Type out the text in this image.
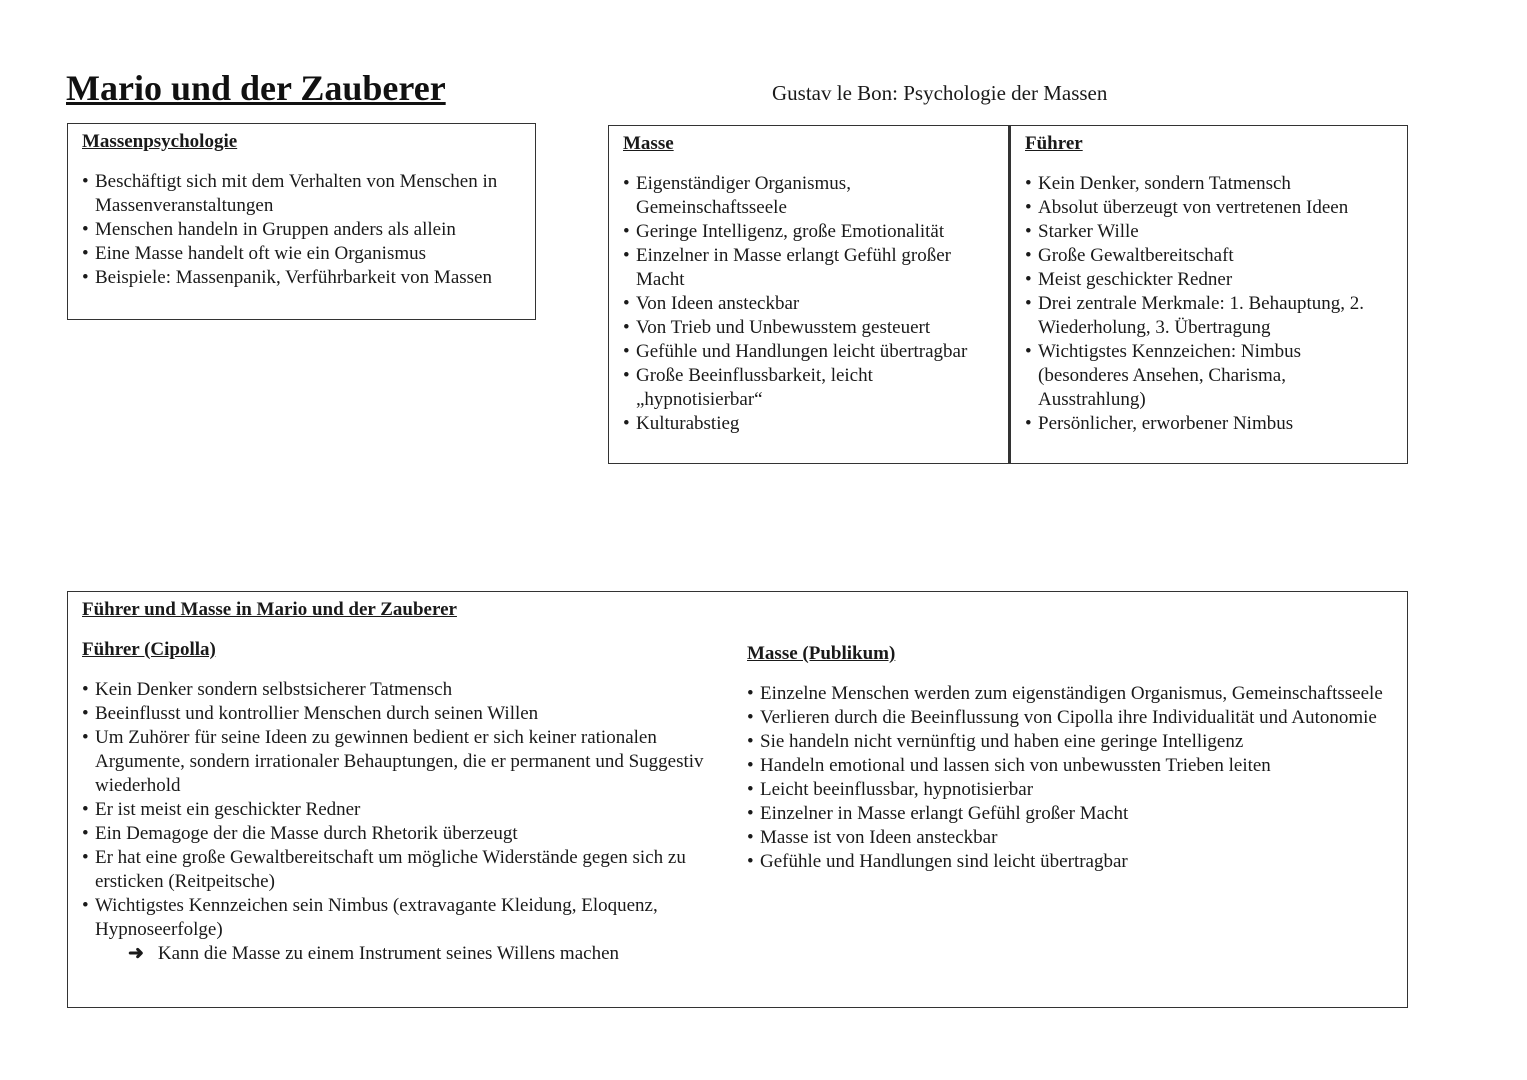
Mario und der Zauberer	Gustav le Bon: Psychologie der Massen

Massenpsychologie
• Beschäftigt sich mit dem Verhalten von Menschen in Massenveranstaltungen
• Menschen handeln in Gruppen anders als allein
• Eine Masse handelt oft wie ein Organismus
• Beispiele: Massenpanik, Verführbarkeit von Massen
Masse
• Eigenständiger Organismus, Gemeinschaftsseele
• Geringe Intelligenz, große Emotionalität
• Einzelner in Masse erlangt Gefühl großer Macht
• Von Ideen ansteckbar
• Von Trieb und Unbewusstem gesteuert
• Gefühle und Handlungen leicht übertragbar
• Große Beeinflussbarkeit, leicht „hypnotisierbar“
• Kulturabstieg
Führer
• Kein Denker, sondern Tatmensch
• Absolut überzeugt von vertretenen Ideen
• Starker Wille
• Große Gewaltbereitschaft
• Meist geschickter Redner
• Drei zentrale Merkmale: 1. Behauptung, 2. Wiederholung, 3. Übertragung
• Wichtigstes Kennzeichen: Nimbus (besonderes Ansehen, Charisma, Ausstrahlung)
• Persönlicher, erworbener Nimbus
Führer und Masse in Mario und der Zauberer
Führer (Cipolla)
• Kein Denker sondern selbstsicherer Tatmensch
• Beeinflusst und kontrollier Menschen durch seinen Willen
• Um Zuhörer für seine Ideen zu gewinnen bedient er sich keiner rationalen Argumente, sondern irrationaler Behauptungen, die er permanent und Suggestiv wiederhold
• Er ist meist ein geschickter Redner
• Ein Demagoge der die Masse durch Rhetorik überzeugt
• Er hat eine große Gewaltbereitschaft um mögliche Widerstände gegen sich zu ersticken (Reitpeitsche)
• Wichtigstes Kennzeichen sein Nimbus (extravagante Kleidung, Eloquenz, Hypnoseerfolge)

➜ Kann die Masse zu einem Instrument seines Willens machen

Masse (Publikum)
• Einzelne Menschen werden zum eigenständigen Organismus, Gemeinschaftsseele
• Verlieren durch die Beeinflussung von Cipolla ihre Individualität und Autonomie
• Sie handeln nicht vernünftig und haben eine geringe Intelligenz
• Handeln emotional und lassen sich von unbewussten Trieben leiten
• Leicht beeinflussbar, hypnotisierbar
• Einzelner in Masse erlangt Gefühl großer Macht
• Masse ist von Ideen ansteckbar
• Gefühle und Handlungen sind leicht übertragbar
